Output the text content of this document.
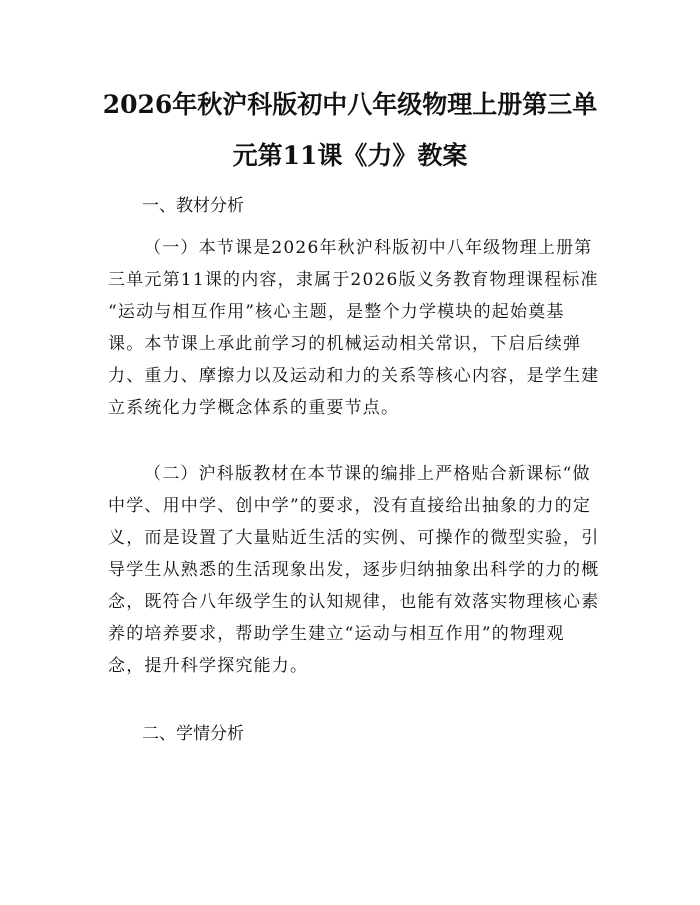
2026年秋沪科版初中八年级物理上册第三单
元第11课《力》教案
一、教材分析
（一）本节课是2026年秋沪科版初中八年级物理上册第
三单元第11课的内容，隶属于2026版义务教育物理课程标准
“运动与相互作用”核心主题，是整个力学模块的起始奠基
课。本节课上承此前学习的机械运动相关常识，下启后续弹
力、重力、摩擦力以及运动和力的关系等核心内容，是学生建
立系统化力学概念体系的重要节点。
（二）沪科版教材在本节课的编排上严格贴合新课标“做
中学、用中学、创中学”的要求，没有直接给出抽象的力的定
义，而是设置了大量贴近生活的实例、可操作的微型实验，引
导学生从熟悉的生活现象出发，逐步归纳抽象出科学的力的概
念，既符合八年级学生的认知规律，也能有效落实物理核心素
养的培养要求，帮助学生建立“运动与相互作用”的物理观
念，提升科学探究能力。
二、学情分析
